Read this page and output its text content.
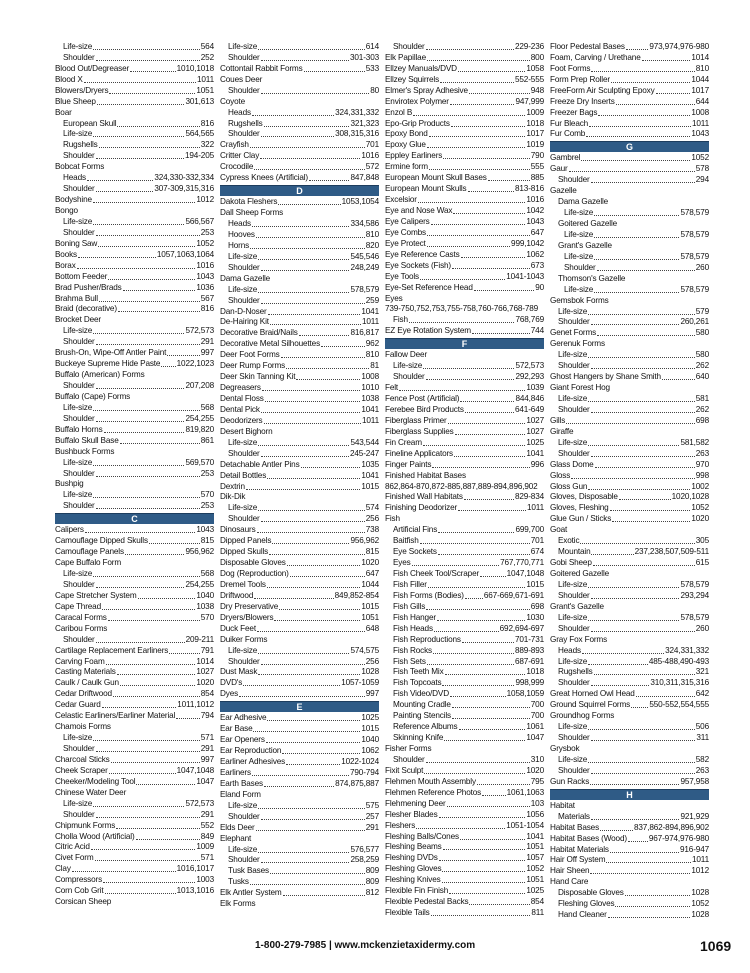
Life-size	564
Shoulder	252
Blood Out/Degreaser	1010,1018
Blood X	1011
Blowers/Dryers	1051
Blue Sheep	301,613
Boar
European Skull	816
Life-size	564,565
Rugshells	322
Shoulder	194-205
Bobcat Forms
Heads	324,330-332,334
Shoulder	307-309,315,316
Bodyshine	1012
Bongo
Life-size	566,567
Shoulder	253
Boning Saw	1052
Books	1057,1063,1064
Borax	1016
Bottom Feeder	1043
Brad Pusher/Brads	1036
Brahma Bull	567
Braid (decorative)	816
Brocket Deer
Life-size	572,573
Shoulder	291
Brush-On, Wipe-Off Antler Paint	997
Buckeye Supreme Hide Paste 1022,1023
Buffalo (American) Forms
Shoulder	207,208
Buffalo (Cape) Forms
Life-size	568
Shoulder	254,255
Buffalo Horns	819,820
Buffalo Skull Base	861
Bushbuck Forms
Life-size	569,570
Shoulder	253
Bushpig
Life-size	570
Shoulder	253
C
Calipers	1043
Camouflage Dipped Skulls	815
Camouflage Panels	956,962
Cape Buffalo Form
Life-size	568
Shoulder	254,255
Cape Stretcher System	1040
Cape Thread	1038
Caracal Forms	570
Caribou Forms
Shoulder	209-211
Cartilage Replacement Earliners	791
Carving Foam	1014
Casting Materials	1027
Caulk / Caulk Gun	1020
Cedar Driftwood	854
Cedar Guard	1011,1012
Celastic Earliners/Earliner Material	794
Chamois Forms
Life-size	571
Shoulder	291
Charcoal Sticks	997
Cheek Scraper	1047,1048
Cheeker/Modeling Tool	1047
Chinese Water Deer
Life-size	572,573
Shoulder	291
Chipmunk Forms	552
Cholla Wood (Artificial)	849
Citric Acid	1009
Civet Form	571
Clay	1016,1017
Compressors	1003
Corn Cob Grit	1013,1016
Corsican Sheep
Life-size	614
Shoulder	301-303
Cottontail Rabbit Forms	533
Coues Deer
Shoulder	80
Coyote
Heads	324,331,332
Rugshells	321,323
Shoulder	308,315,316
Crayfish	701
Critter Clay	1016
Crocodile	572
Cypress Knees (Artificial)	847,848
D
Dakota Fleshers	1053,1054
Dall Sheep Forms
Heads	334,586
Hooves	810
Horns	820
Life-size	545,546
Shoulder	248,249
Dama Gazelle
Life-size	578,579
Shoulder	259
Dan-D-Noser	1041
De-Hairing Kit	1011
Decorative Braid/Nails	816,817
Decorative Metal Silhouettes	962
Deer Foot Forms	810
Deer Rump Forms	81
Deer Skin Tanning Kit	1008
Degreasers	1010
Dental Floss	1038
Dental Pick	1041
Deodorizers	1011
Desert Bighorn
Life-size	543,544
Shoulder	245-247
Detachable Antler Pins	1035
Detail Bottles	1041
Dextrin	1015
Dik-Dik
Life-size	574
Shoulder	256
Dinosaurs	738
Dipped Panels	956,962
Dipped Skulls	815
Disposable Gloves	1020
Dog (Reproduction)	647
Dremel Tools	1044
Driftwood	849,852-854
Dry Preservative	1015
Dryers/Blowers	1051
Duck Feet	648
Duiker Forms
Life-size	574,575
Shoulder	256
Dust Mask	1028
DVD's	1057-1059
Dyes	997
E
Ear Adhesive	1025
Ear Base	1015
Ear Openers	1040
Ear Reproduction	1062
Earliner Adhesives	1022-1024
Earliners	790-794
Earth Bases	874,875,887
Eland Form
Life-size	575
Shoulder	257
Elds Deer	291
Elephant
Life-size	576,577
Shoulder	258,259
Tusk Bases	809
Tusks	809
Elk Antler System	812
Elk Forms
Shoulder	229-236
Elk Papillae	800
Ellzey Manuals/DVD	1058
Ellzey Squirrels	552-555
Elmer's Spray Adhesive	948
Envirotex Polymer	947,999
Enzol B	1009
Epo-Grip Products	1018
Epoxy Bond	1017
Epoxy Glue	1019
Eppley Earliners	790
Ermine form	555
European Mount Skull Bases	885
European Mount Skulls	813-816
Excelsior	1016
Eye and Nose Wax	1042
Eye Calipers	1043
Eye Combs	647
Eye Protect	999,1042
Eye Reference Casts	1062
Eye Sockets (Fish)	673
Eye Tools	1041-1043
Eye-Set Reference Head	90
Eyes
739-750,752,753,755-758,760-766,768-789
Fish	768,769
EZ Eye Rotation System	744
F
Fallow Deer
Life-size	572,573
Shoulder	292,293
Felt	1039
Fence Post (Artificial)	844,846
Ferebee Bird Products	641-649
Fiberglass Primer	1027
Fiberglass Supplies	1027
Fin Cream	1025
Fineline Applicators	1041
Finger Paints	996
Finished Habitat Bases
862,864-870,872-885,887,889-894,896,902
Finished Wall Habitats	829-834
Finishing Deodorizer	1011
Fish
Artificial Fins	699,700
Baitfish	701
Eye Sockets	674
Eyes	767,770,771
Fish Cheek Tool/Scraper	1047,1048
Fish Filler	1015
Fish Forms (Bodies) 667-669,671-691
Fish Gills	698
Fish Hanger	1030
Fish Heads	692,694-697
Fish Reproductions	701-731
Fish Rocks	889-893
Fish Sets	687-691
Fish Teeth Mix	1018
Fish Topcoats	998,999
Fish Video/DVD	1058,1059
Mounting Cradle	700
Painting Stencils	700
Reference Albums	1061
Skinning Knife	1047
Fisher Forms
Shoulder	310
Fixit Sculpt	1020
Flehmen Mouth Assembly	795
Flehmen Reference Photos	1061,1063
Flehmening Deer	103
Flesher Blades	1056
Fleshers	1051-1054
Fleshing Balls/Cones	1041
Fleshing Beams	1051
Fleshing DVDs	1057
Fleshing Gloves	1052
Fleshing Knives	1051
Flexible Fin Finish	1025
Flexible Pedestal Backs	854
Flexible Tails	811
Floor Pedestal Bases	973,974,976-980
Foam, Carving / Urethane	1014
Foot Forms	810
Form Prep Roller	1044
FreeForm Air Sculpting Epoxy	1017
Freeze Dry Inserts	644
Freezer Bags	1008
Fur Bleach	1011
Fur Comb	1043
G
Gambrel	1052
Gaur	578
Shoulder	294
Gazelle
Dama Gazelle
Life-size	578,579
Goitered Gazelle
Life-size	578,579
Grant's Gazelle
Life-size	578,579
Shoulder	260
Thomson's Gazelle
Life-size	578,579
Gemsbok Forms
Life-size	579
Shoulder	260,261
Genet Forms	580
Gerenuk Forms
Life-size	580
Shoulder	262
Ghost Hangers by Shane Smith	640
Giant Forest Hog
Life-size	581
Shoulder	262
Gills	698
Giraffe
Life-size	581,582
Shoulder	263
Glass Dome	970
Gloss	998
Gloss Gun	1002
Gloves, Disposable	1020,1028
Gloves, Fleshing	1052
Glue Gun / Sticks	1020
Goat
Exotic	305
Mountain	237,238,507,509-511
Gobi Sheep	615
Goitered Gazelle
Life-size	578,579
Shoulder	293,294
Grant's Gazelle
Life-size	578,579
Shoulder	260
Gray Fox Forms
Heads	324,331,332
Life-size	485-488,490-493
Rugshells	321
Shoulder	310,311,315,316
Great Horned Owl Head	642
Ground Squirrel Forms 550-552,554,555
Groundhog Forms
Life-size	506
Shoulder	311
Grysbok
Life-size	582
Shoulder	263
Gun Racks	957,958
H
Habitat
Materials	921,929
Habitat Bases	837,862-894,896,902
Habitat Bases (Wood)	967-974,976-980
Habitat Materials	916-947
Hair Off System	1011
Hair Sheen	1012
Hand Care
Disposable Gloves	1028
Fleshing Gloves	1052
Hand Cleaner	1028
1-800-279-7985 | www.mckenzietaxidermy.com	1069
